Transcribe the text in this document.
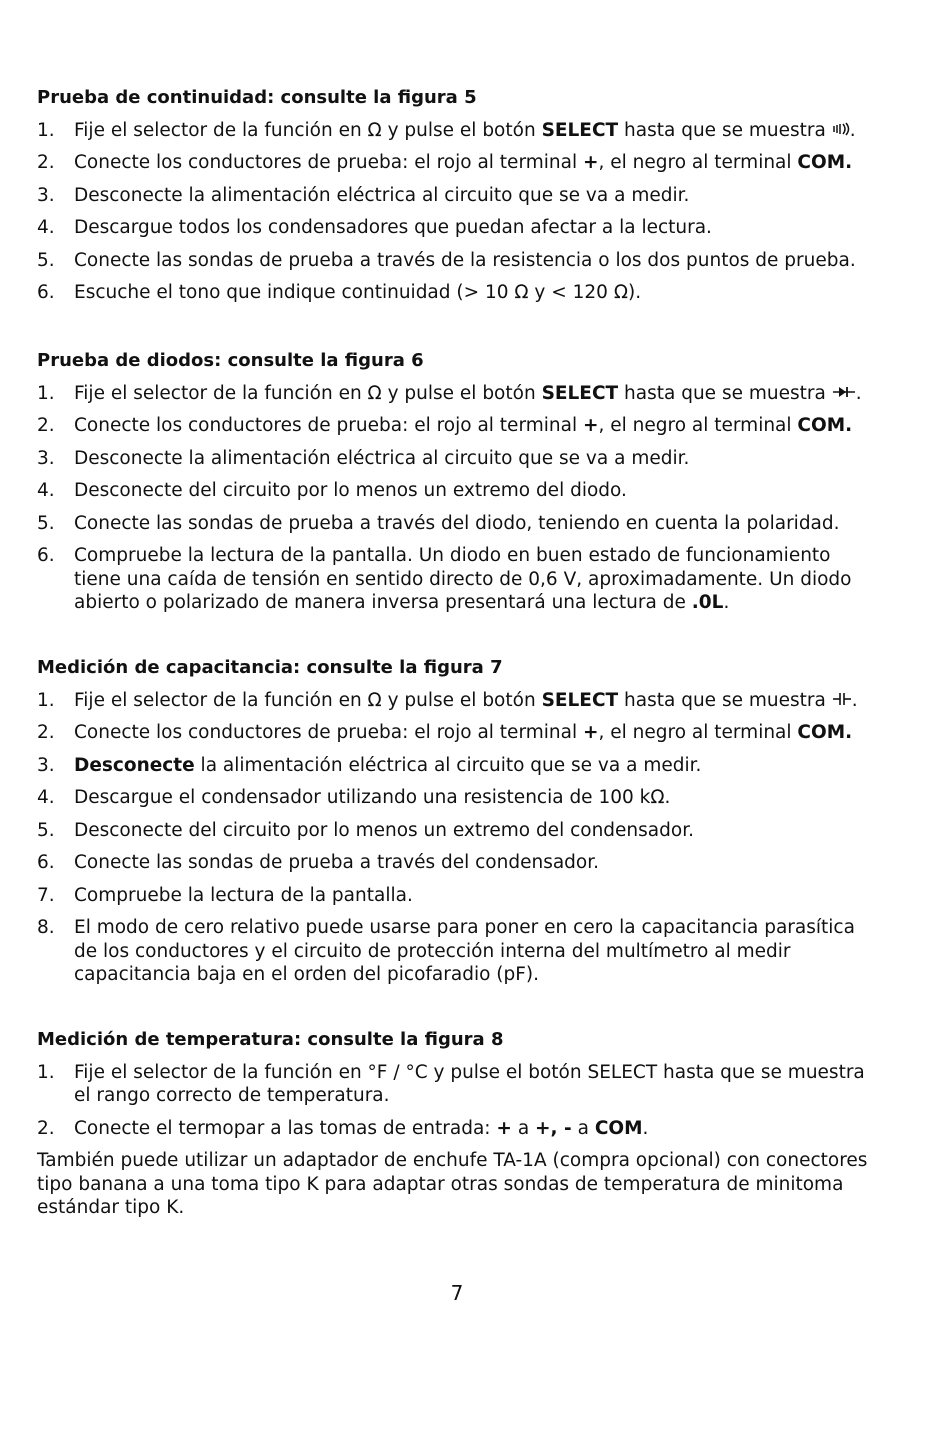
Prueba de continuidad: consulte la figura 5
1.	Fije el selector de la función en Ω y pulse el botón SELECT hasta que se muestra .
2.	Conecte los conductores de prueba: el rojo al terminal +, el negro al terminal COM.
3.	Desconecte la alimentación eléctrica al circuito que se va a medir.
4.	Descargue todos los condensadores que puedan afectar a la lectura.
5.	Conecte las sondas de prueba a través de la resistencia o los dos puntos de prueba.
6.	Escuche el tono que indique continuidad (> 10 Ω y < 120 Ω).
Prueba de diodos: consulte la figura 6
1.	Fije el selector de la función en Ω y pulse el botón SELECT hasta que se muestra .
2.	Conecte los conductores de prueba: el rojo al terminal +, el negro al terminal COM.
3.	Desconecte la alimentación eléctrica al circuito que se va a medir.
4.	Desconecte del circuito por lo menos un extremo del diodo.
5.	Conecte las sondas de prueba a través del diodo, teniendo en cuenta la polaridad.
6.	Compruebe la lectura de la pantalla. Un diodo en buen estado de funcionamiento tiene una caída de tensión en sentido directo de 0,6 V, aproximadamente. Un diodo abierto o polarizado de manera inversa presentará una lectura de .0L.
Medición de capacitancia: consulte la figura 7
1.	Fije el selector de la función en Ω y pulse el botón SELECT hasta que se muestra .
2.	Conecte los conductores de prueba: el rojo al terminal +, el negro al terminal COM.
3.	Desconecte la alimentación eléctrica al circuito que se va a medir.
4.	Descargue el condensador utilizando una resistencia de 100 kΩ.
5.	Desconecte del circuito por lo menos un extremo del condensador.
6.	Conecte las sondas de prueba a través del condensador.
7.	Compruebe la lectura de la pantalla.
8.	El modo de cero relativo puede usarse para poner en cero la capacitancia parasítica de los conductores y el circuito de protección interna del multímetro al medir capacitancia baja en el orden del picofaradio (pF).
Medición de temperatura: consulte la figura 8
1.	Fije el selector de la función en °F / °C y pulse el botón SELECT hasta que se muestra el rango correcto de temperatura.
2.	Conecte el termopar a las tomas de entrada: + a +, - a COM.
También puede utilizar un adaptador de enchufe TA-1A (compra opcional) con conectores tipo banana a una toma tipo K para adaptar otras sondas de temperatura de minitoma estándar tipo K.
7
